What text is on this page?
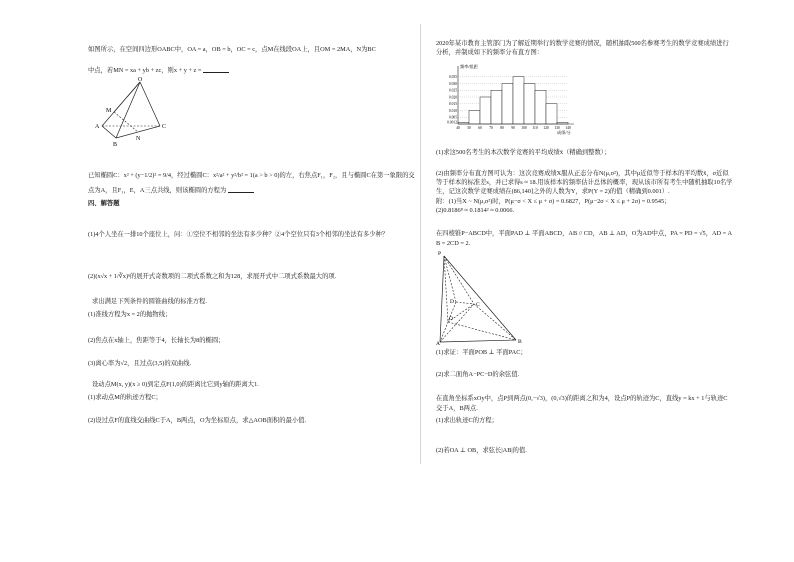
如图所示，在空间四边形OABC中，OA = a，OB = b，OC = c，点M在线段OA上，且OM = 2MA，N为BC
中点，若MN = xa + yb + zc，则x + y + z =
O
M
A
B
N
C
已知椭圆C：x² + (y−1/2)² = 9/4，经过椭圆C：x²/a² + y²/b² = 1(a > b > 0)的左，右焦点F₁，F₂，且与椭圆C在第一象限的交
点为A，且F₁，E，A三点共线，则该椭圆的方程为
四、解答题
(1)4个人坐在一排10个座位上，问：①空位不相邻的坐法有多少种？②4个空位只有3个相邻的坐法有多少种？
(2)(x√x + 1/∛x)ⁿ的展开式奇数项的二项式系数之和为128，求展开式中二项式系数最大的项.
求出满足下列条件的圆锥曲线的标准方程.
(1)准线方程为x = 2的抛物线；
(2)焦点在x轴上，焦距等于4，长轴长为8的椭圆；
(3)离心率为√2，且过点(3,5)的双曲线.
设动点M(x, y)(x ≥ 0)到定点F(1,0)的距离比它到y轴的距离大1.
(1)求动点M的轨迹方程C；
(2)设过点F的直线交曲线C于A，B两点，O为坐标原点，求△AOB面积的最小值.
2020年某市教育主管部门为了解近期举行的数学竞赛的情况，随机抽取500名参赛考生的数学竞赛成绩进行
分析，并制成如下的频率分布直方图：
频率/组距
成绩/分
0.035
0.030
0.025
0.020
0.015
0.010
0.005
0.0012
40 50 60 70 80 90 100 110 120 130 140
(1)求这500名考生的本次数学竞赛的平均成绩x̄（精确到整数）；
(2)由频率分布直方图可认为：这次竞赛成绩X服从正态分布N(μ,σ²)，其中μ近似等于样本的平均数x̄，σ近似
等于样本的标准差s，并已求得s ≈ 18.用该样本的频率估计总体的概率，现从该市所有考生中随机抽取10名学
生，记这次数学竞赛成绩在(86,140]之外的人数为Y，求P(Y = 2)的值（精确到0.001）.
附：(1)当X ~ N(μ,σ²)时，P(μ−σ < X ≤ μ + σ) = 0.6827，P(μ−2σ < X ≤ μ + 2σ) = 0.9545；
(2)0.8186⁸ ≈ 0.1814² ≈ 0.0066.
在四棱锥P−ABCD中，平面PAD ⊥ 平面ABCD，AB // CD，AB ⊥ AD，O为AD中点，PA = PD = √5，AD = A
B = 2CD = 2.
P
D
O
C
A	B
(1)求证：平面POB ⊥ 平面PAC；
(2)求二面角A−PC−D的余弦值.
在直角坐标系xOy中，点P到两点(0,−√3)，(0,√3)的距离之和为4，设点P的轨迹为C，直线y = kx + 1与轨迹C
交于A，B两点.
(1)求出轨迹C的方程；
(2)若OA ⊥ OB，求弦长|AB|的值.
